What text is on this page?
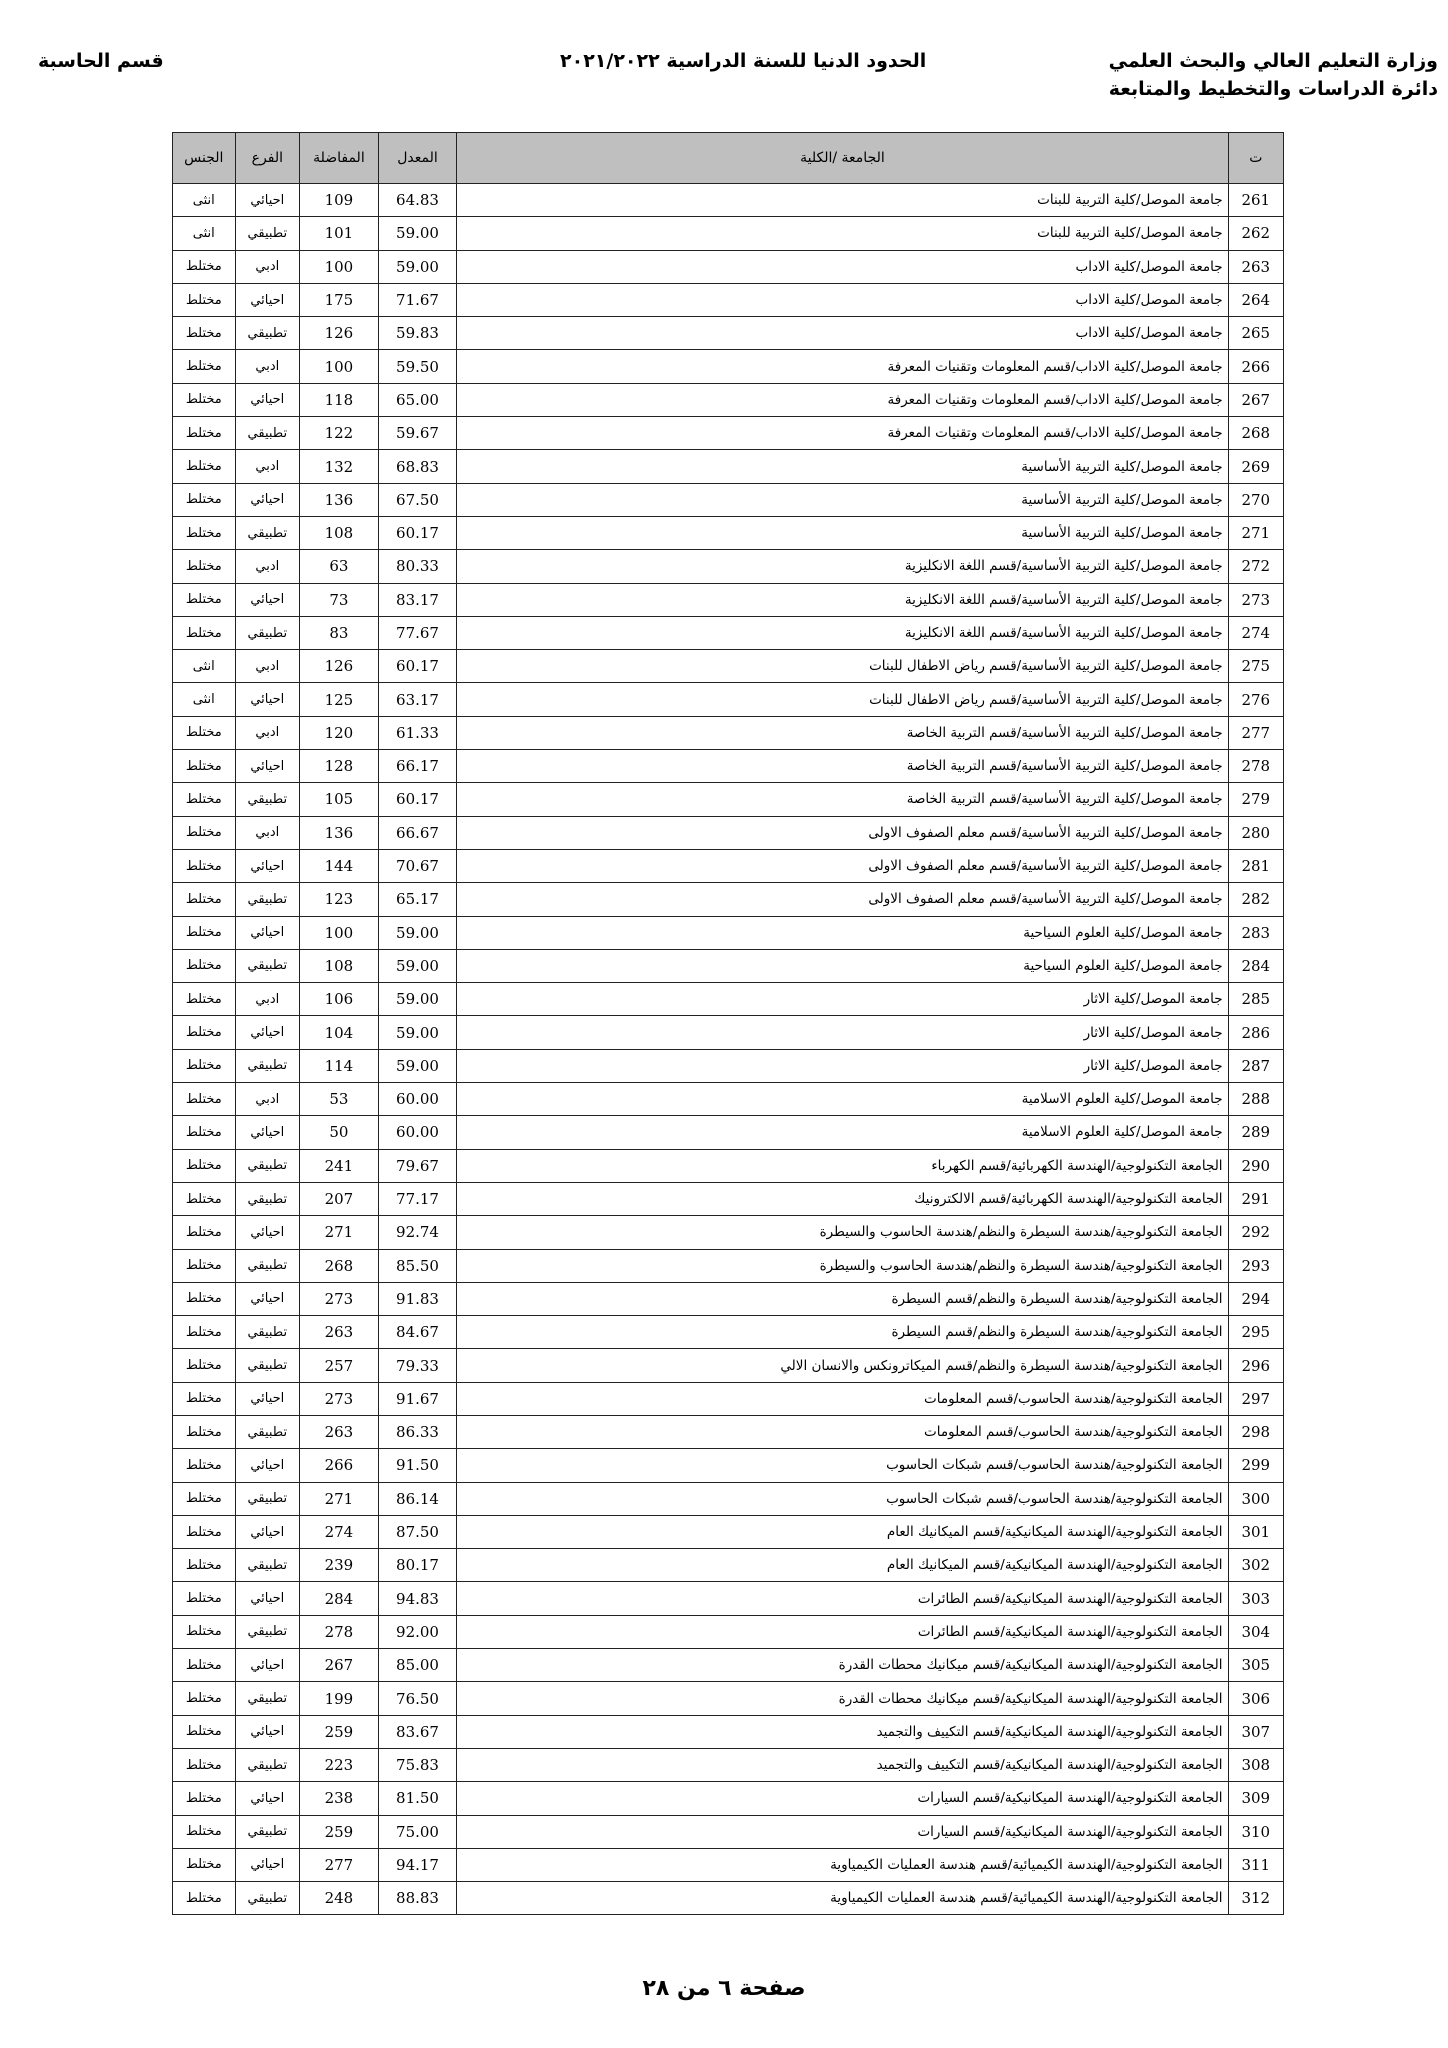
وزارة التعليم العالي والبحث العلمي
دائرة الدراسات والتخطيط والمتابعة
الحدود الدنيا للسنة الدراسية ٢٠٢١/٢٠٢٢
قسم الحاسبة
ت	الجامعة /الكلية	المعدل	المفاضلة	الفرع	الجنس
261	جامعة الموصل/كلية التربية للبنات	64.83	109	احيائي	انثى
262	جامعة الموصل/كلية التربية للبنات	59.00	101	تطبيقي	انثى
263	جامعة الموصل/كلية الاداب	59.00	100	ادبي	مختلط
264	جامعة الموصل/كلية الاداب	71.67	175	احيائي	مختلط
265	جامعة الموصل/كلية الاداب	59.83	126	تطبيقي	مختلط
266	جامعة الموصل/كلية الاداب/قسم المعلومات وتقنيات المعرفة	59.50	100	ادبي	مختلط
267	جامعة الموصل/كلية الاداب/قسم المعلومات وتقنيات المعرفة	65.00	118	احيائي	مختلط
268	جامعة الموصل/كلية الاداب/قسم المعلومات وتقنيات المعرفة	59.67	122	تطبيقي	مختلط
269	جامعة الموصل/كلية التربية الأساسية	68.83	132	ادبي	مختلط
270	جامعة الموصل/كلية التربية الأساسية	67.50	136	احيائي	مختلط
271	جامعة الموصل/كلية التربية الأساسية	60.17	108	تطبيقي	مختلط
272	جامعة الموصل/كلية التربية الأساسية/قسم اللغة الانكليزية	80.33	63	ادبي	مختلط
273	جامعة الموصل/كلية التربية الأساسية/قسم اللغة الانكليزية	83.17	73	احيائي	مختلط
274	جامعة الموصل/كلية التربية الأساسية/قسم اللغة الانكليزية	77.67	83	تطبيقي	مختلط
275	جامعة الموصل/كلية التربية الأساسية/قسم رياض الاطفال للبنات	60.17	126	ادبي	انثى
276	جامعة الموصل/كلية التربية الأساسية/قسم رياض الاطفال للبنات	63.17	125	احيائي	انثى
277	جامعة الموصل/كلية التربية الأساسية/قسم التربية الخاصة	61.33	120	ادبي	مختلط
278	جامعة الموصل/كلية التربية الأساسية/قسم التربية الخاصة	66.17	128	احيائي	مختلط
279	جامعة الموصل/كلية التربية الأساسية/قسم التربية الخاصة	60.17	105	تطبيقي	مختلط
280	جامعة الموصل/كلية التربية الأساسية/قسم معلم الصفوف الاولى	66.67	136	ادبي	مختلط
281	جامعة الموصل/كلية التربية الأساسية/قسم معلم الصفوف الاولى	70.67	144	احيائي	مختلط
282	جامعة الموصل/كلية التربية الأساسية/قسم معلم الصفوف الاولى	65.17	123	تطبيقي	مختلط
283	جامعة الموصل/كلية العلوم السياحية	59.00	100	احيائي	مختلط
284	جامعة الموصل/كلية العلوم السياحية	59.00	108	تطبيقي	مختلط
285	جامعة الموصل/كلية الاثار	59.00	106	ادبي	مختلط
286	جامعة الموصل/كلية الاثار	59.00	104	احيائي	مختلط
287	جامعة الموصل/كلية الاثار	59.00	114	تطبيقي	مختلط
288	جامعة الموصل/كلية العلوم الاسلامية	60.00	53	ادبي	مختلط
289	جامعة الموصل/كلية العلوم الاسلامية	60.00	50	احيائي	مختلط
290	الجامعة التكنولوجية/الهندسة الكهربائية/قسم الكهرباء	79.67	241	تطبيقي	مختلط
291	الجامعة التكنولوجية/الهندسة الكهربائية/قسم الالكترونيك	77.17	207	تطبيقي	مختلط
292	الجامعة التكنولوجية/هندسة السيطرة والنظم/هندسة الحاسوب والسيطرة	92.74	271	احيائي	مختلط
293	الجامعة التكنولوجية/هندسة السيطرة والنظم/هندسة الحاسوب والسيطرة	85.50	268	تطبيقي	مختلط
294	الجامعة التكنولوجية/هندسة السيطرة والنظم/قسم السيطرة	91.83	273	احيائي	مختلط
295	الجامعة التكنولوجية/هندسة السيطرة والنظم/قسم السيطرة	84.67	263	تطبيقي	مختلط
296	الجامعة التكنولوجية/هندسة السيطرة والنظم/قسم الميكاترونكس والانسان الالي	79.33	257	تطبيقي	مختلط
297	الجامعة التكنولوجية/هندسة الحاسوب/قسم المعلومات	91.67	273	احيائي	مختلط
298	الجامعة التكنولوجية/هندسة الحاسوب/قسم المعلومات	86.33	263	تطبيقي	مختلط
299	الجامعة التكنولوجية/هندسة الحاسوب/قسم شبكات الحاسوب	91.50	266	احيائي	مختلط
300	الجامعة التكنولوجية/هندسة الحاسوب/قسم شبكات الحاسوب	86.14	271	تطبيقي	مختلط
301	الجامعة التكنولوجية/الهندسة الميكانيكية/قسم الميكانيك العام	87.50	274	احيائي	مختلط
302	الجامعة التكنولوجية/الهندسة الميكانيكية/قسم الميكانيك العام	80.17	239	تطبيقي	مختلط
303	الجامعة التكنولوجية/الهندسة الميكانيكية/قسم الطائرات	94.83	284	احيائي	مختلط
304	الجامعة التكنولوجية/الهندسة الميكانيكية/قسم الطائرات	92.00	278	تطبيقي	مختلط
305	الجامعة التكنولوجية/الهندسة الميكانيكية/قسم ميكانيك محطات القدرة	85.00	267	احيائي	مختلط
306	الجامعة التكنولوجية/الهندسة الميكانيكية/قسم ميكانيك محطات القدرة	76.50	199	تطبيقي	مختلط
307	الجامعة التكنولوجية/الهندسة الميكانيكية/قسم التكييف والتجميد	83.67	259	احيائي	مختلط
308	الجامعة التكنولوجية/الهندسة الميكانيكية/قسم التكييف والتجميد	75.83	223	تطبيقي	مختلط
309	الجامعة التكنولوجية/الهندسة الميكانيكية/قسم السيارات	81.50	238	احيائي	مختلط
310	الجامعة التكنولوجية/الهندسة الميكانيكية/قسم السيارات	75.00	259	تطبيقي	مختلط
311	الجامعة التكنولوجية/الهندسة الكيميائية/قسم هندسة العمليات الكيمياوية	94.17	277	احيائي	مختلط
312	الجامعة التكنولوجية/الهندسة الكيميائية/قسم هندسة العمليات الكيمياوية	88.83	248	تطبيقي	مختلط
صفحة ٦ من ٢٨
